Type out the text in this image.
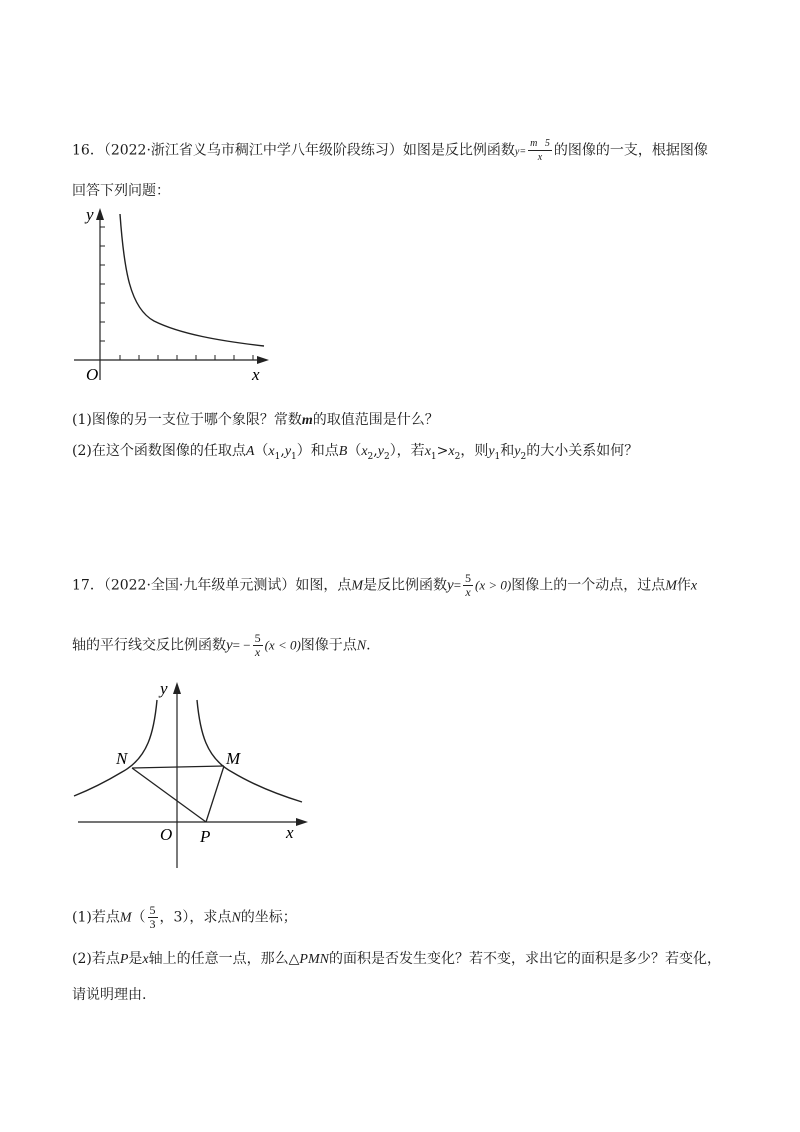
16．（2022·浙江省义乌市稠江中学八年级阶段练习）如图是反比例函数$y= \frac{m 5}{x}$ 的图像的一支，根据图像
回答下列问题：
y
x
O
(1)图像的另一支位于哪个象限？常数m的取值范围是什么？
(2)在这个函数图像的任取点$A(x_1,y_1)$和点$B(x_2,y_2)$，若$x_1>x_2$，则$y_1$和$y_2$的大小关系如何？
17．（2022·全国·九年级单元测试）如图，点M是反比例函数$y= \frac{5}{x} (x > 0)$图像上的一个动点，过点M作x
轴的平行线交反比例函数$y= - \frac{5}{x} (x < 0)$图像于点N.
y
x
O
N	M
P
(1)若点$M( \frac{5}{3}$ ，3），求点N的坐标；
(2)若点P是x轴上的任意一点，那么△PMN的面积是否发生变化？若不变，求出它的面积是多少？若变化，
请说明理由.
